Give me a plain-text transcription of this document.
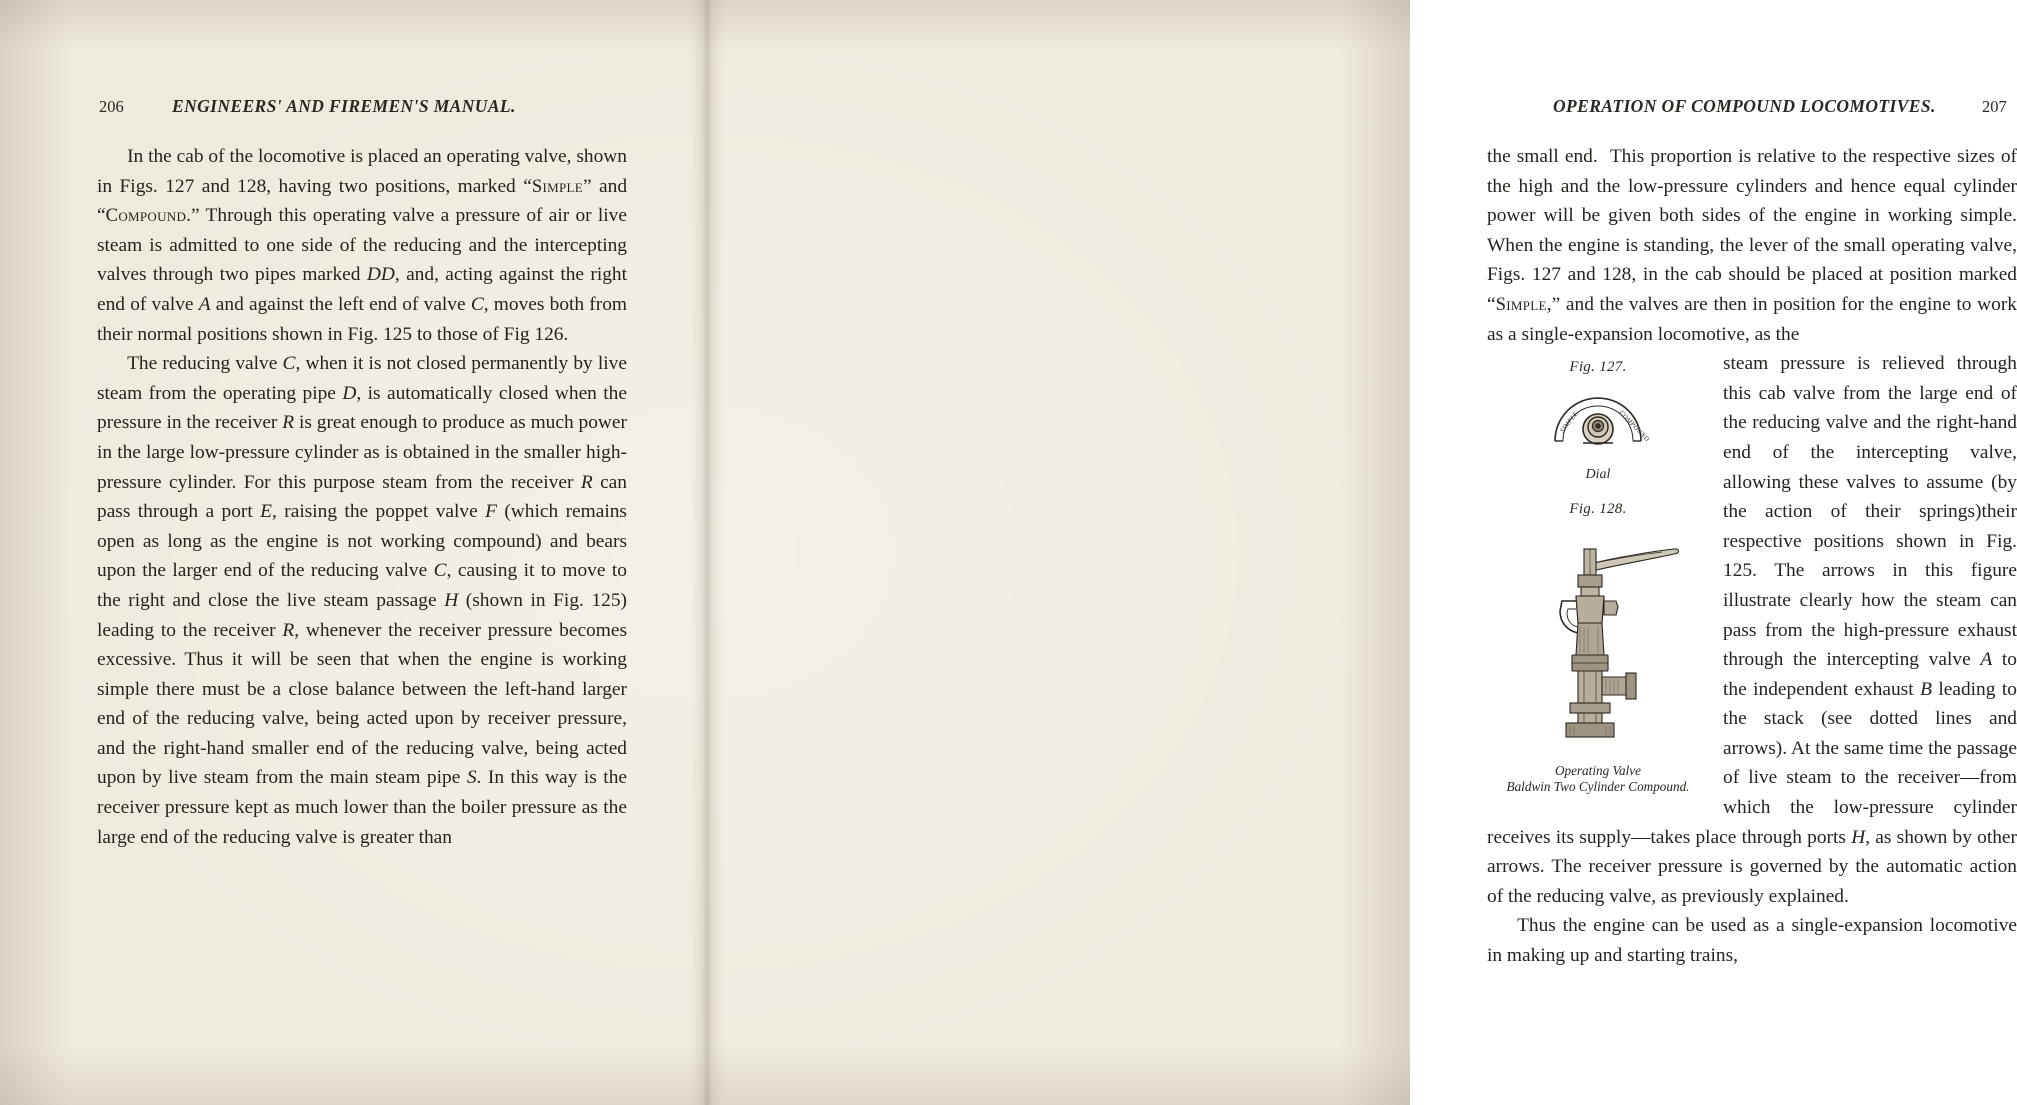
206	ENGINEERS' AND FIREMEN'S MANUAL.

In the cab of the locomotive is placed an operating valve, shown in Figs. 127 and 128, having two positions, marked “Simple” and “Compound.” Through this operating valve a pressure of air or live steam is admitted to one side of the reducing and the intercepting valves through two pipes marked DD, and, acting against the right end of valve A and against the left end of valve C, moves both from their normal positions shown in Fig. 125 to those of Fig 126.

The reducing valve C, when it is not closed permanently by live steam from the operating pipe D, is automatically closed when the pressure in the receiver R is great enough to produce as much power in the large low-pressure cylinder as is obtained in the smaller high-pressure cylinder. For this purpose steam from the receiver R can pass through a port E, raising the poppet valve F (which remains open as long as the engine is not working compound) and bears upon the larger end of the reducing valve C, causing it to move to the right and close the live steam passage H (shown in Fig. 125) leading to the receiver R, whenever the receiver pressure becomes excessive. Thus it will be seen that when the engine is working simple there must be a close balance between the left-hand larger end of the reducing valve, being acted upon by receiver pressure, and the right-hand smaller end of the reducing valve, being acted upon by live steam from the main steam pipe S. In this way is the receiver pressure kept as much lower than the boiler pressure as the large end of the reducing valve is greater than

OPERATION OF COMPOUND LOCOMOTIVES.	207

the small end.  This proportion is relative to the respective sizes of the high and the low-pressure cylinders and hence equal cylinder power will be given both sides of the engine in working simple. When the engine is standing, the lever of the small operating valve, Figs. 127 and 128, in the cab should be placed at position marked “Simple,” and the valves are then in position for the engine to work as a single-expansion locomotive, as the

Fig. 127.
SIMPLE	COMPOUND
Dial
Fig. 128.
Operating Valve
Baldwin Two Cylinder Compound.

steam pressure is relieved through this cab valve from the large end of the reducing valve and the right-hand end of the intercepting valve, allowing these valves to assume (by the action of their springs)their respective positions shown in Fig. 125. The arrows in this figure illustrate clearly how the steam can pass from the high-pressure exhaust through the intercepting valve A to the independent exhaust B leading to the stack (see dotted lines and arrows). At the same time the passage of live steam to the receiver—from which the low-pressure cylinder receives its supply—takes place through ports H, as shown by other arrows. The receiver pressure is governed by the automatic action of the reducing valve, as previously explained.

Thus the engine can be used as a single-expansion locomotive in making up and starting trains,
